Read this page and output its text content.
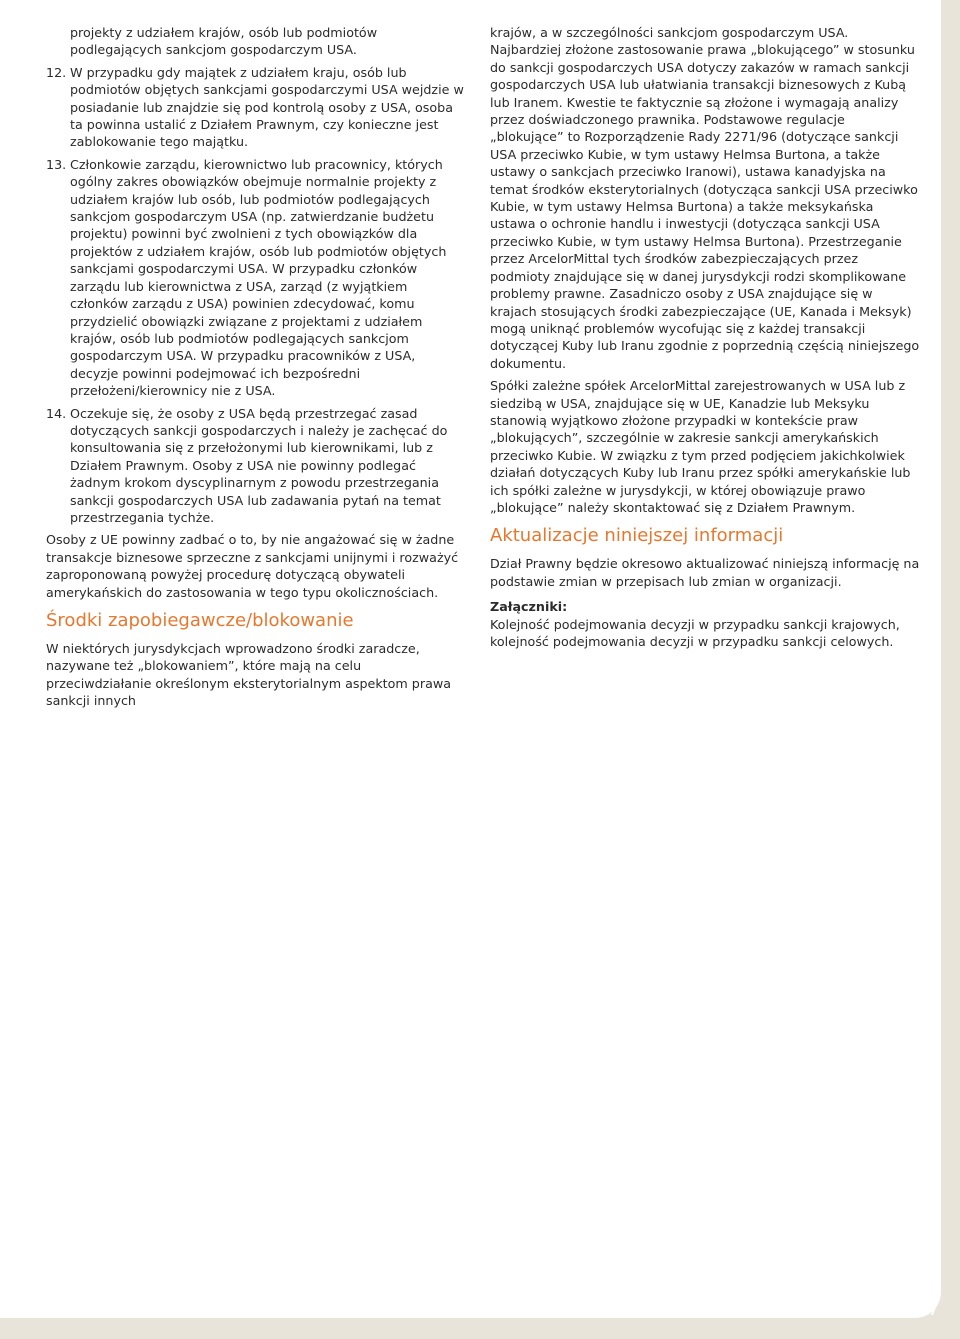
projekty z udziałem krajów, osób lub podmiotów podlegających sankcjom gospodarczym USA.

12. W przypadku gdy majątek z udziałem kraju, osób lub podmiotów objętych sankcjami gospodarczymi USA wejdzie w posiadanie lub znajdzie się pod kontrolą osoby z USA, osoba ta powinna ustalić z Działem Prawnym, czy konieczne jest zablokowanie tego majątku.
13. Członkowie zarządu, kierownictwo lub pracownicy, których ogólny zakres obowiązków obejmuje normalnie projekty z udziałem krajów lub osób, lub podmiotów podlegających sankcjom gospodarczym USA (np. zatwierdzanie budżetu projektu) powinni być zwolnieni z tych obowiązków dla projektów z udziałem krajów, osób lub podmiotów objętych sankcjami gospodarczymi USA. W przypadku członków zarządu lub kierownictwa z USA, zarząd (z wyjątkiem członków zarządu z USA) powinien zdecydować, komu przydzielić obowiązki związane z projektami z udziałem krajów, osób lub podmiotów podlegających sankcjom gospodarczym USA. W przypadku pracowników z USA, decyzje powinni podejmować ich bezpośredni przełożeni/kierownicy nie z USA.
14. Oczekuje się, że osoby z USA będą przestrzegać zasad dotyczących sankcji gospodarczych i należy je zachęcać do konsultowania się z przełożonymi lub kierownikami, lub z Działem Prawnym. Osoby z USA nie powinny podlegać żadnym krokom dyscyplinarnym z powodu przestrzegania sankcji gospodarczych USA lub zadawania pytań na temat przestrzegania tychże.

Osoby z UE powinny zadbać o to, by nie angażować się w żadne transakcje biznesowe sprzeczne z sankcjami unijnymi i rozważyć zaproponowaną powyżej procedurę dotyczącą obywateli amerykańskich do zastosowania w tego typu okolicznościach.

Środki zapobiegawcze/blokowanie

W niektórych jurysdykcjach wprowadzono środki zaradcze, nazywane też „blokowaniem”, które mają na celu przeciwdziałanie określonym eksterytorialnym aspektom prawa sankcji innych

krajów, a w szczególności sankcjom gospodarczym USA. Najbardziej złożone zastosowanie prawa „blokującego” w stosunku do sankcji gospodarczych USA dotyczy zakazów w ramach sankcji gospodarczych USA lub ułatwiania transakcji biznesowych z Kubą lub Iranem. Kwestie te faktycznie są złożone i wymagają analizy przez doświadczonego prawnika. Podstawowe regulacje „blokujące” to Rozporządzenie Rady 2271/96 (dotyczące sankcji USA przeciwko Kubie, w tym ustawy Helmsa Burtona, a także ustawy o sankcjach przeciwko Iranowi), ustawa kanadyjska na temat środków eksterytorialnych (dotycząca sankcji USA przeciwko Kubie, w tym ustawy Helmsa Burtona) a także meksykańska ustawa o ochronie handlu i inwestycji (dotycząca sankcji USA przeciwko Kubie, w tym ustawy Helmsa Burtona). Przestrzeganie przez ArcelorMittal tych środków zabezpieczających przez podmioty znajdujące się w danej jurysdykcji rodzi skomplikowane problemy prawne. Zasadniczo osoby z USA znajdujące się w krajach stosujących środki zabezpieczające (UE, Kanada i Meksyk) mogą uniknąć problemów wycofując się z każdej transakcji dotyczącej Kuby lub Iranu zgodnie z poprzednią częścią niniejszego dokumentu.

Spółki zależne spółek ArcelorMittal zarejestrowanych w USA lub z siedzibą w USA, znajdujące się w UE, Kanadzie lub Meksyku stanowią wyjątkowo złożone przypadki w kontekście praw „blokujących”, szczególnie w zakresie sankcji amerykańskich przeciwko Kubie. W związku z tym przed podjęciem jakichkolwiek działań dotyczących Kuby lub Iranu przez spółki amerykańskie lub ich spółki zależne w jurysdykcji, w której obowiązuje prawo „blokujące” należy skontaktować się z Działem Prawnym.

Aktualizacje niniejszej informacji

Dział Prawny będzie okresowo aktualizować niniejszą informację na podstawie zmian w przepisach lub zmian w organizacji.

Załączniki:

Kolejność podejmowania decyzji w przypadku sankcji krajowych, kolejność podejmowania decyzji w przypadku sankcji celowych.

7
